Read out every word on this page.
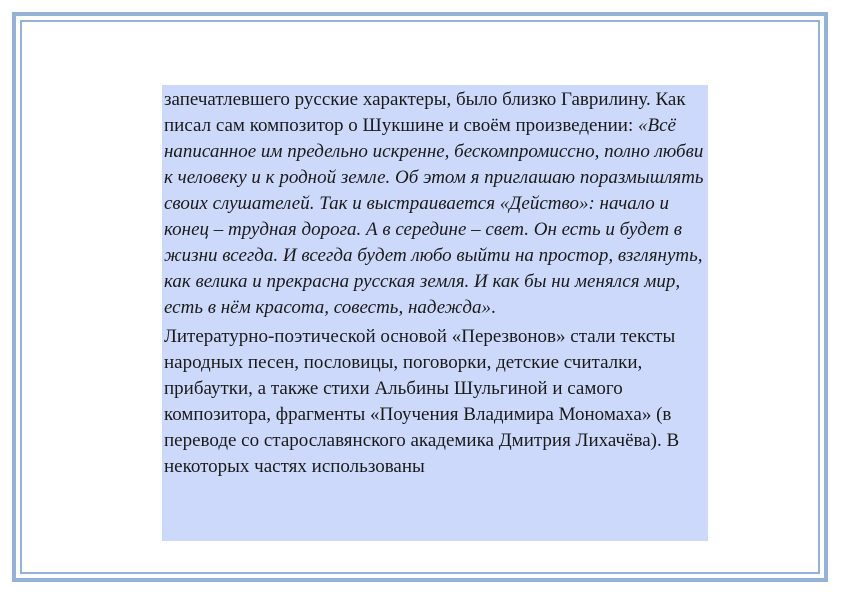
запечатлевшего русские характеры, было близко Гаврилину. Как писал сам композитор о Шукшине и своём произведении: «Всё написанное им предельно искренне, бескомпромиссно, полно любви к человеку и к родной земле. Об этом я приглашаю поразмышлять своих слушателей. Так и выстраивается «Действо»: начало и конец – трудная дорога. А в середине – свет. Он есть и будет в жизни всегда. И всегда будет любо выйти на простор, взглянуть, как велика и прекрасна русская земля. И как бы ни менялся мир, есть в нём красота, совесть, надежда».

Литературно-поэтической основой «Перезвонов» стали тексты народных песен, пословицы, поговорки, детские считалки, прибаутки, а также стихи Альбины Шульгиной и самого композитора, фрагменты «Поучения Владимира Мономаха» (в переводе со старославянского академика Дмитрия Лихачёва). В некоторых частях использованы
